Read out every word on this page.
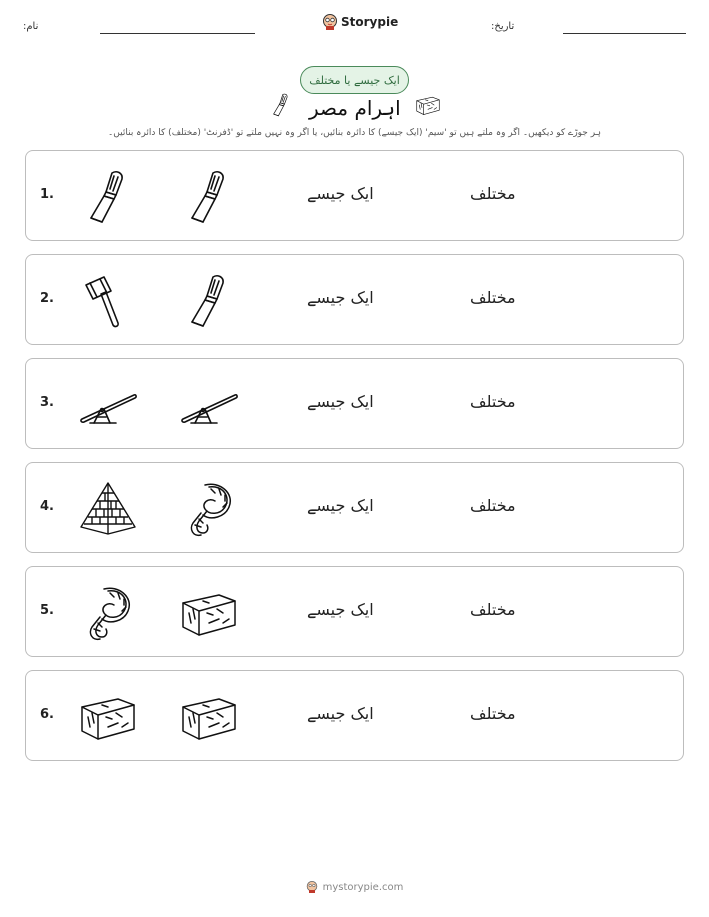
نام:	Storypie	تاریخ:
ایک جیسے یا مختلف
اہرام مصر
ہر جوڑے کو دیکھیں۔ اگر وہ ملتے ہیں تو 'سیم' (ایک جیسے) کا دائرہ بنائیں، یا اگر وہ نہیں ملتے تو 'ڈفرنٹ' (مختلف) کا دائرہ بنائیں۔
1.	ایک جیسے	مختلف
2.	ایک جیسے	مختلف
3.	ایک جیسے	مختلف
4.	ایک جیسے	مختلف
5.	ایک جیسے	مختلف
6.	ایک جیسے	مختلف
mystorypie.com
